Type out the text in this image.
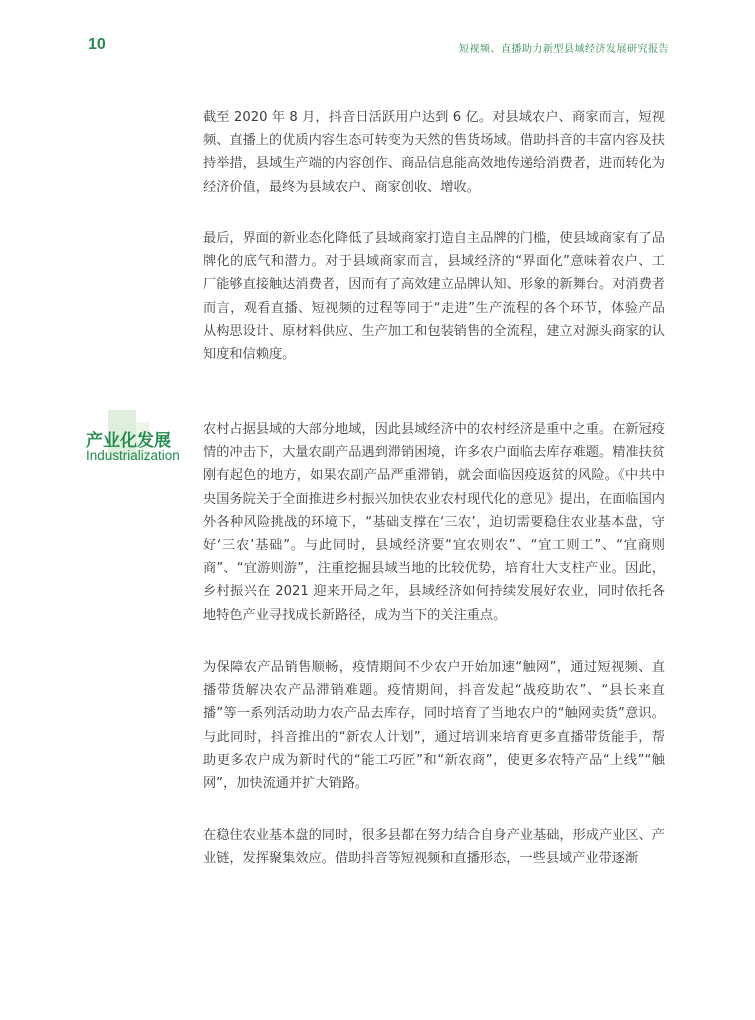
10	短视频、直播助力新型县域经济发展研究报告

截至 2020 年 8 月，抖音日活跃用户达到 6 亿。对县域农户、商家而言，短视频、直播上的优质内容生态可转变为天然的售货场域。借助抖音的丰富内容及扶持举措，县域生产端的内容创作、商品信息能高效地传递给消费者，进而转化为经济价值，最终为县域农户、商家创收、增收。

最后，界面的新业态化降低了县域商家打造自主品牌的门槛，使县域商家有了品牌化的底气和潜力。对于县域商家而言，县域经济的“界面化”意味着农户、工厂能够直接触达消费者，因而有了高效建立品牌认知、形象的新舞台。对消费者而言，观看直播、短视频的过程等同于“走进”生产流程的各个环节，体验产品从构思设计、原材料供应、生产加工和包装销售的全流程，建立对源头商家的认知度和信赖度。

产业化发展
Industrialization

农村占据县域的大部分地域，因此县域经济中的农村经济是重中之重。在新冠疫情的冲击下，大量农副产品遇到滞销困境，许多农户面临去库存难题。精准扶贫刚有起色的地方，如果农副产品严重滞销，就会面临因疫返贫的风险。《中共中央国务院关于全面推进乡村振兴加快农业农村现代化的意见》提出，在面临国内外各种风险挑战的环境下，“基础支撑在‘三农’，迫切需要稳住农业基本盘，守好‘三农’基础”。与此同时，县域经济要“宜农则农”、“宜工则工”、“宜商则商”、“宜游则游”，注重挖掘县域当地的比较优势，培育壮大支柱产业。因此，乡村振兴在 2021 迎来开局之年，县域经济如何持续发展好农业，同时依托各地特色产业寻找成长新路径，成为当下的关注重点。

为保障农产品销售顺畅，疫情期间不少农户开始加速“触网”，通过短视频、直播带货解决农产品滞销难题。疫情期间，抖音发起“战疫助农”、“县长来直播”等一系列活动助力农产品去库存，同时培育了当地农户的“触网卖货”意识。与此同时，抖音推出的“新农人计划”，通过培训来培育更多直播带货能手，帮助更多农户成为新时代的“能工巧匠”和“新农商”，使更多农特产品“上线”“触网”，加快流通并扩大销路。

在稳住农业基本盘的同时，很多县都在努力结合自身产业基础，形成产业区、产业链，发挥聚集效应。借助抖音等短视频和直播形态，一些县域产业带逐渐
